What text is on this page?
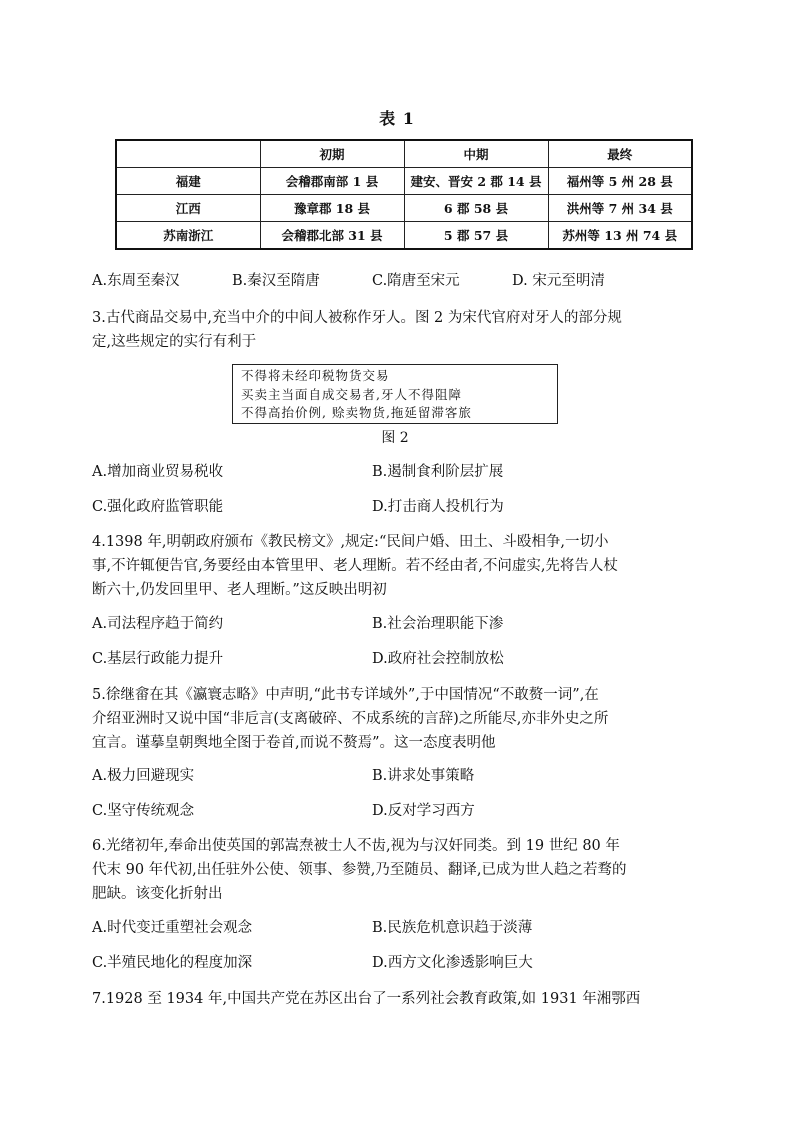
表 1
	初期	中期	最终
福建	会稽郡南部 1 县	建安、晋安 2 郡 14 县	福州等 5 州 28 县
江西	豫章郡 18 县	6 郡 58 县	洪州等 7 州 34 县
苏南浙江	会稽郡北部 31 县	5 郡 57 县	苏州等 13 州 74 县
A.东周至秦汉	B.秦汉至隋唐	C.隋唐至宋元	D. 宋元至明清
3.古代商品交易中,充当中介的中间人被称作牙人。图 2 为宋代官府对牙人的部分规
定,这些规定的实行有利于
不得将未经印税物货交易
买卖主当面自成交易者,牙人不得阻障
不得高抬价例, 赊卖物货,拖延留滞客旅
图 2
A.增加商业贸易税收	B.遏制食利阶层扩展
C.强化政府监管职能	D.打击商人投机行为
4.1398 年,明朝政府颁布《教民榜文》,规定:“民间户婚、田土、斗殴相争,一切小
事,不许辄便告官,务要经由本管里甲、老人理断。若不经由者,不问虚实,先将告人杖
断六十,仍发回里甲、老人理断。”这反映出明初
A.司法程序趋于简约	B.社会治理职能下渗
C.基层行政能力提升	D.政府社会控制放松
5.徐继畲在其《瀛寰志略》中声明,“此书专详域外”,于中国情况“不敢赘一词”,在
介绍亚洲时又说中国“非卮言(支离破碎、不成系统的言辞)之所能尽,亦非外史之所
宜言。谨摹皇朝舆地全图于卷首,而说不赘焉”。这一态度表明他
A.极力回避现实	B.讲求处事策略
C.坚守传统观念	D.反对学习西方
6.光绪初年,奉命出使英国的郭嵩焘被士人不齿,视为与汉奸同类。到 19 世纪 80 年
代末 90 年代初,出任驻外公使、领事、参赞,乃至随员、翻译,已成为世人趋之若骛的
肥缺。该变化折射出
A.时代变迁重塑社会观念	B.民族危机意识趋于淡薄
C.半殖民地化的程度加深	D.西方文化渗透影响巨大
7.1928 至 1934 年,中国共产党在苏区出台了一系列社会教育政策,如 1931 年湘鄂西
